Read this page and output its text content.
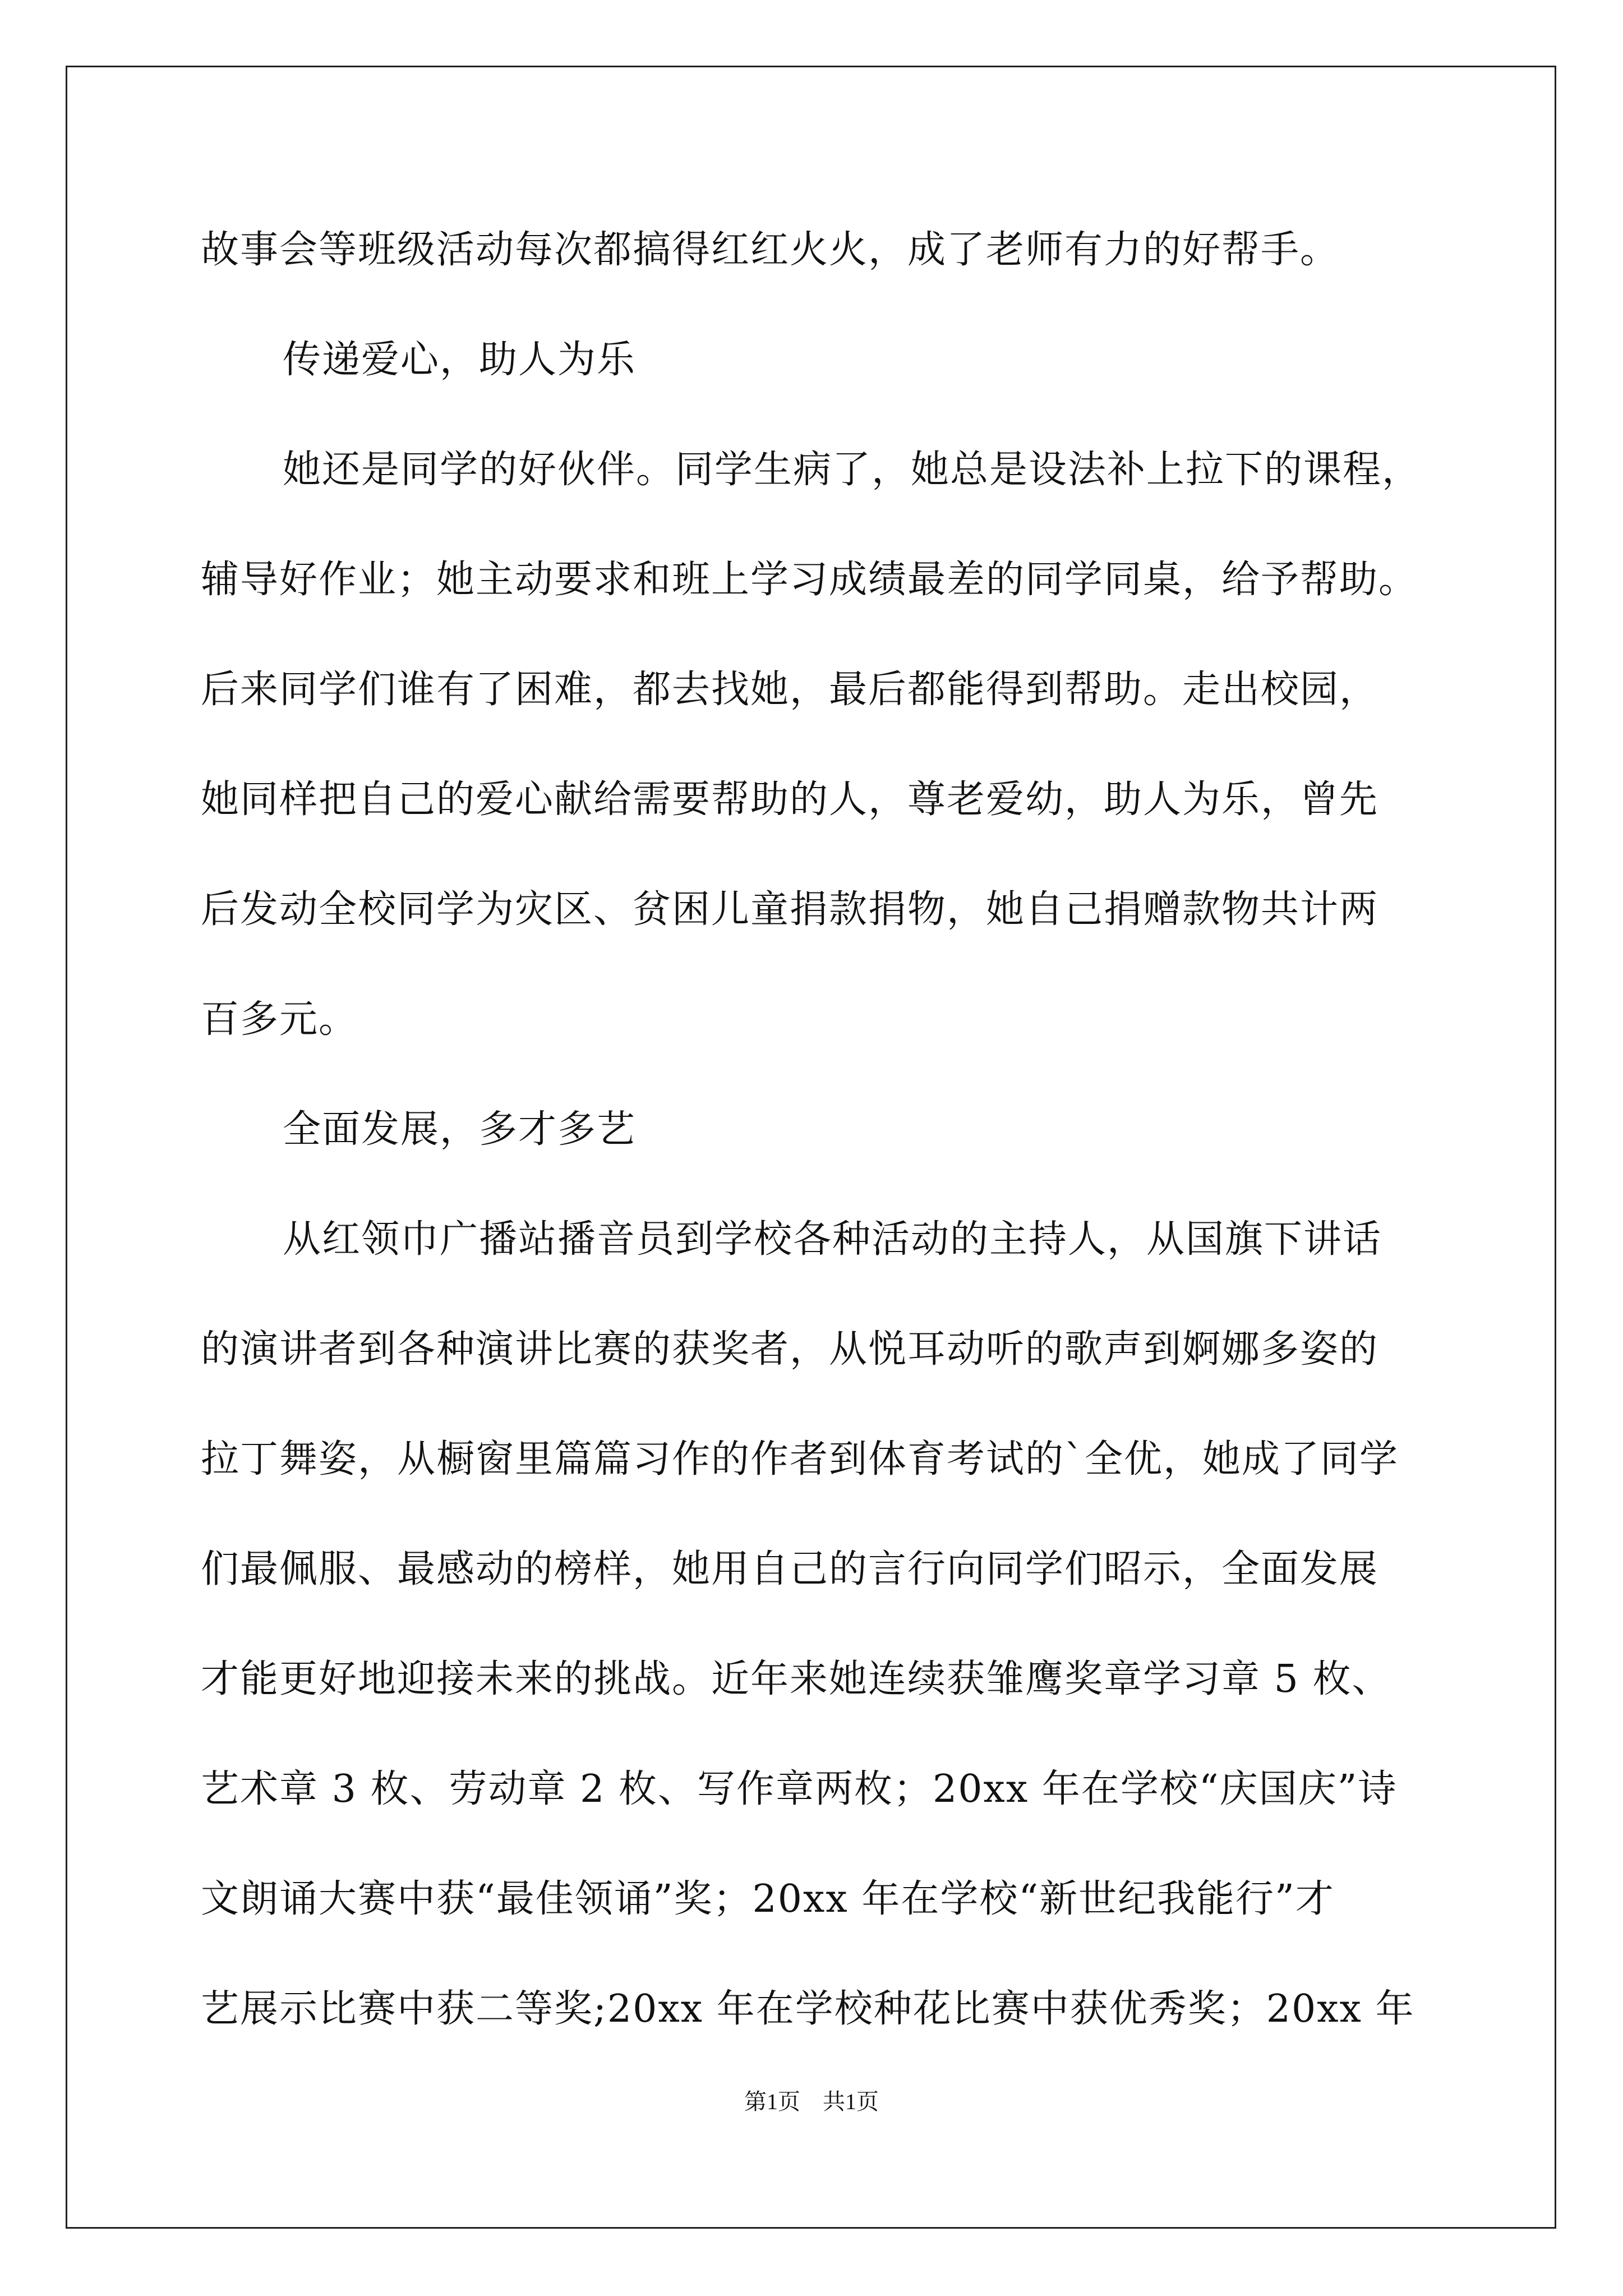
故事会等班级活动每次都搞得红红火火，成了老师有力的好帮手。
传递爱心，助人为乐
她还是同学的好伙伴。同学生病了，她总是设法补上拉下的课程，
辅导好作业；她主动要求和班上学习成绩最差的同学同桌，给予帮助。
后来同学们谁有了困难，都去找她，最后都能得到帮助。走出校园，
她同样把自己的爱心献给需要帮助的人，尊老爱幼，助人为乐，曾先
后发动全校同学为灾区、贫困儿童捐款捐物，她自己捐赠款物共计两
百多元。
全面发展，多才多艺
从红领巾广播站播音员到学校各种活动的主持人，从国旗下讲话
的演讲者到各种演讲比赛的获奖者，从悦耳动听的歌声到婀娜多姿的
拉丁舞姿，从橱窗里篇篇习作的作者到体育考试的`全优，她成了同学
们最佩服、最感动的榜样，她用自己的言行向同学们昭示，全面发展
才能更好地迎接未来的挑战。近年来她连续获雏鹰奖章学习章 5 枚、
艺术章 3 枚、劳动章 2 枚、写作章两枚；20xx 年在学校“庆国庆”诗
文朗诵大赛中获“最佳领诵”奖；20xx 年在学校“新世纪我能行”才
艺展示比赛中获二等奖;20xx 年在学校种花比赛中获优秀奖；20xx 年
第1页　共1页
